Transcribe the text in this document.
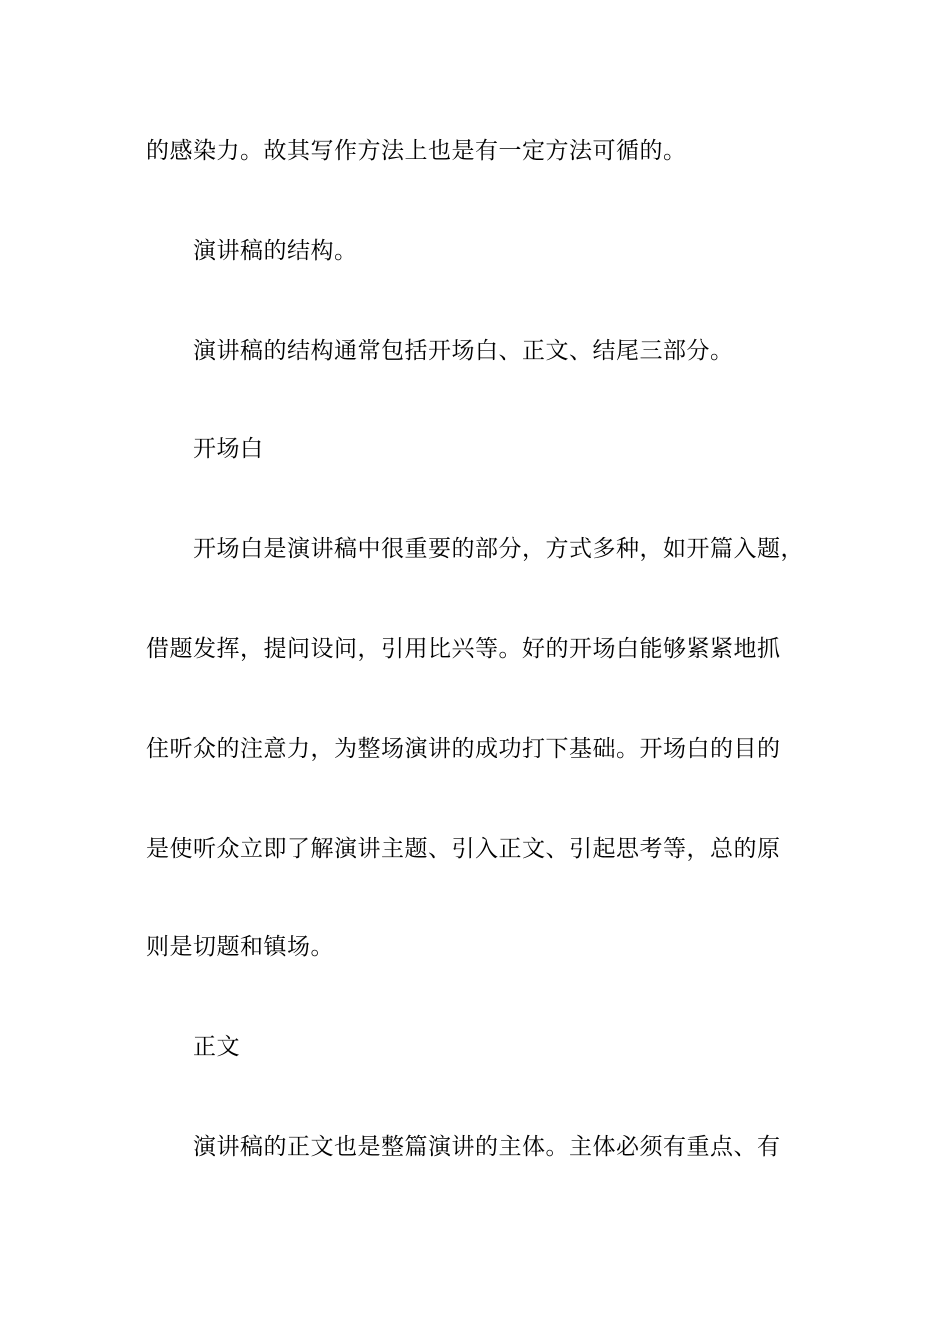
的感染力。故其写作方法上也是有一定方法可循的。
演讲稿的结构。
演讲稿的结构通常包括开场白、正文、结尾三部分。
开场白
开场白是演讲稿中很重要的部分，方式多种，如开篇入题，
借题发挥，提问设问，引用比兴等。好的开场白能够紧紧地抓
住听众的注意力，为整场演讲的成功打下基础。开场白的目的
是使听众立即了解演讲主题、引入正文、引起思考等，总的原
则是切题和镇场。
正文
演讲稿的正文也是整篇演讲的主体。主体必须有重点、有
